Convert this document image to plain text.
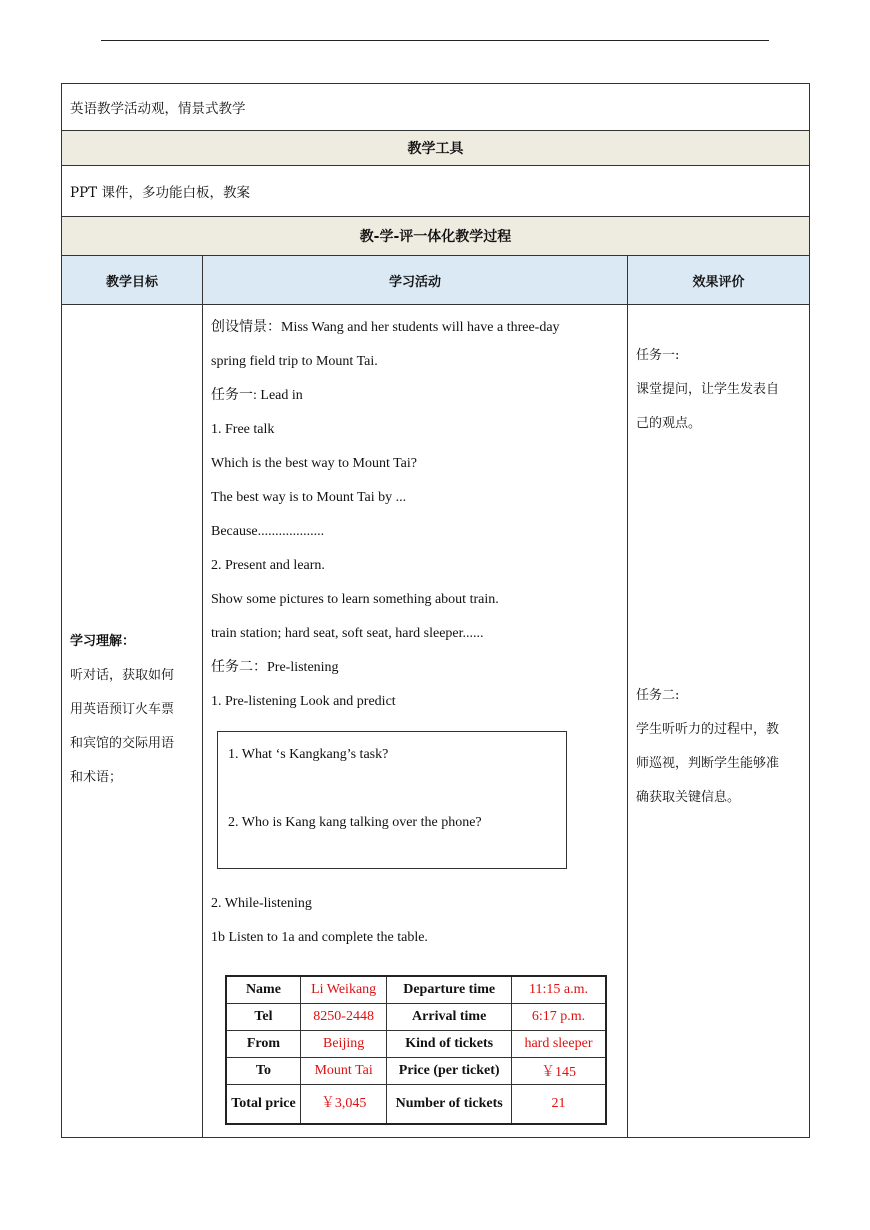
英语教学活动观，情景式教学
教学工具
PPT 课件，多功能白板，教案
教-学-评一体化教学过程
教学目标	学习活动	效果评价

学习理解：
听对话，获取如何
用英语预订火车票
和宾馆的交际用语
和术语；

创设情景：Miss Wang and her students will have a three-day
spring field trip to Mount Tai.
任务一: Lead in
1. Free talk
Which is the best way to Mount Tai?
The best way is to Mount Tai by ...
Because...................
2. Present and learn.
Show some pictures to learn something about train.
train station; hard seat, soft seat, hard sleeper......
任务二：Pre-listening
1. Pre-listening Look and predict
1. What ‘s Kangkang’s task?
2. Who is Kang kang talking over the phone?
2. While-listening
1b Listen to 1a and complete the table.
Name	Li Weikang	Departure time	11:15 a.m.
Tel	8250-2448	Arrival time	6:17 p.m.
From	Beijing	Kind of tickets	hard sleeper
To	Mount Tai	Price (per ticket)	￥145
Total price	￥3,045	Number of tickets	21

任务一:
课堂提问，让学生发表自
己的观点。
任务二:
学生听听力的过程中，教
师巡视，判断学生能够准
确获取关键信息。
